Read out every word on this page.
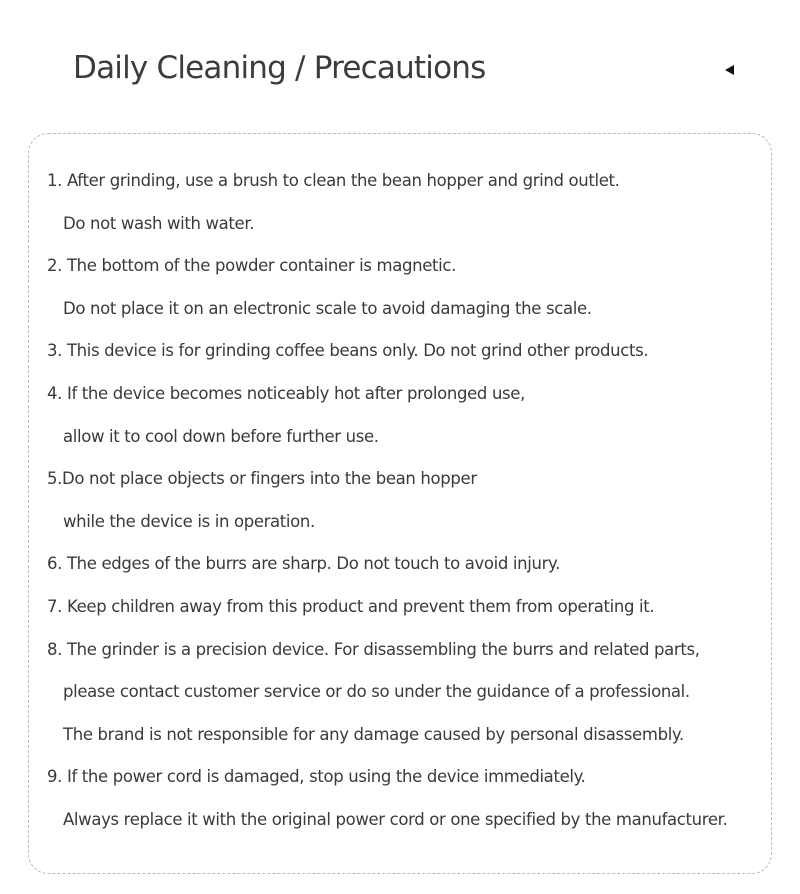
Daily Cleaning / Precautions
1. After grinding, use a brush to clean the bean hopper and grind outlet.
Do not wash with water.
2. The bottom of the powder container is magnetic.
Do not place it on an electronic scale to avoid damaging the scale.
3. This device is for grinding coffee beans only. Do not grind other products.
4. If the device becomes noticeably hot after prolonged use,
allow it to cool down before further use.
5.Do not place objects or fingers into the bean hopper
while the device is in operation.
6. The edges of the burrs are sharp. Do not touch to avoid injury.
7. Keep children away from this product and prevent them from operating it.
8. The grinder is a precision device. For disassembling the burrs and related parts,
please contact customer service or do so under the guidance of a professional.
The brand is not responsible for any damage caused by personal disassembly.
9. If the power cord is damaged, stop using the device immediately.
Always replace it with the original power cord or one specified by the manufacturer.
